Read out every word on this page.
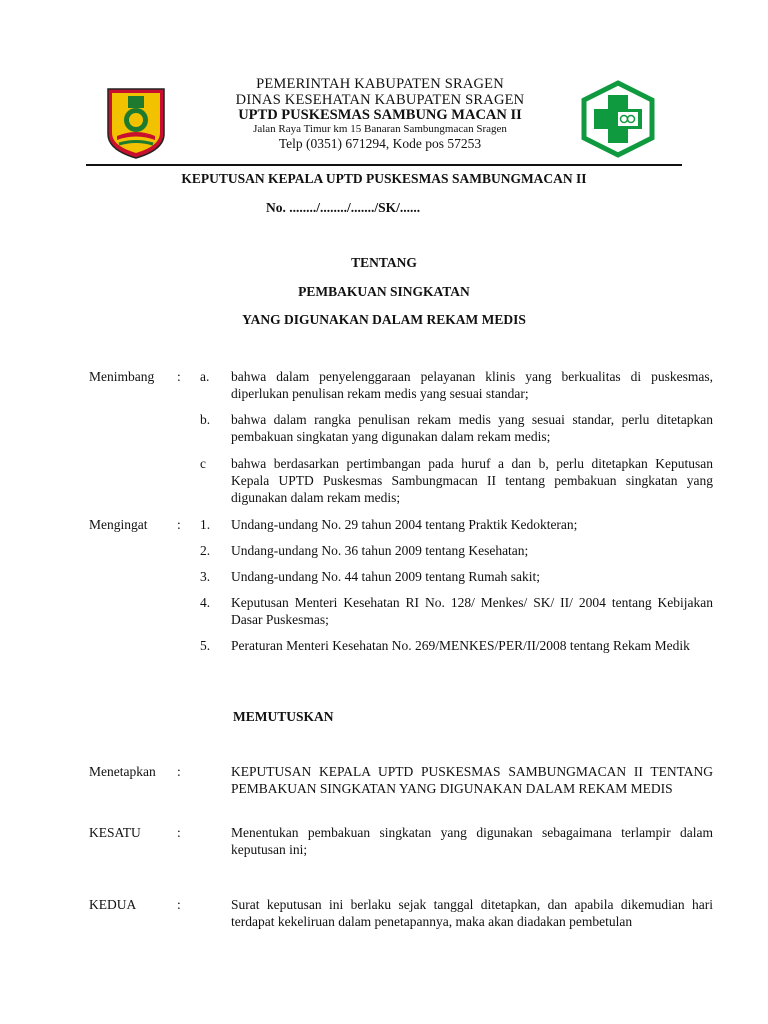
PEMERINTAH KABUPATEN SRAGEN
DINAS KESEHATAN KABUPATEN SRAGEN
UPTD PUSKESMAS SAMBUNG MACAN II
Jalan Raya Timur km 15 Banaran Sambungmacan Sragen
Telp (0351) 671294, Kode pos 57253
KEPUTUSAN KEPALA UPTD PUSKESMAS SAMBUNGMACAN II
No. ......../......../......./SK/......
TENTANG
PEMBAKUAN SINGKATAN
YANG DIGUNAKAN DALAM REKAM MEDIS
Menimbang : a. bahwa dalam penyelenggaraan pelayanan klinis yang berkualitas di puskesmas, diperlukan penulisan rekam medis yang sesuai standar;
b. bahwa dalam rangka penulisan rekam medis yang sesuai standar, perlu ditetapkan pembakuan singkatan yang digunakan dalam rekam medis;
c bahwa berdasarkan pertimbangan pada huruf a dan b, perlu ditetapkan Keputusan Kepala UPTD Puskesmas Sambungmacan II tentang pembakuan singkatan yang digunakan dalam rekam medis;
Mengingat : 1. Undang-undang No. 29 tahun 2004 tentang Praktik Kedokteran;
2. Undang-undang No. 36 tahun 2009 tentang Kesehatan;
3. Undang-undang No. 44 tahun 2009 tentang Rumah sakit;
4. Keputusan Menteri Kesehatan RI No. 128/ Menkes/ SK/ II/ 2004 tentang Kebijakan Dasar Puskesmas;
5. Peraturan Menteri Kesehatan No. 269/MENKES/PER/II/2008 tentang Rekam Medik
MEMUTUSKAN
Menetapkan :	KEPUTUSAN KEPALA UPTD PUSKESMAS SAMBUNGMACAN II TENTANG PEMBAKUAN SINGKATAN YANG DIGUNAKAN DALAM REKAM MEDIS
KESATU	:	Menentukan pembakuan singkatan yang digunakan sebagaimana terlampir dalam keputusan ini;
KEDUA	:	Surat keputusan ini berlaku sejak tanggal ditetapkan, dan apabila dikemudian hari terdapat kekeliruan dalam penetapannya, maka akan diadakan pembetulan
